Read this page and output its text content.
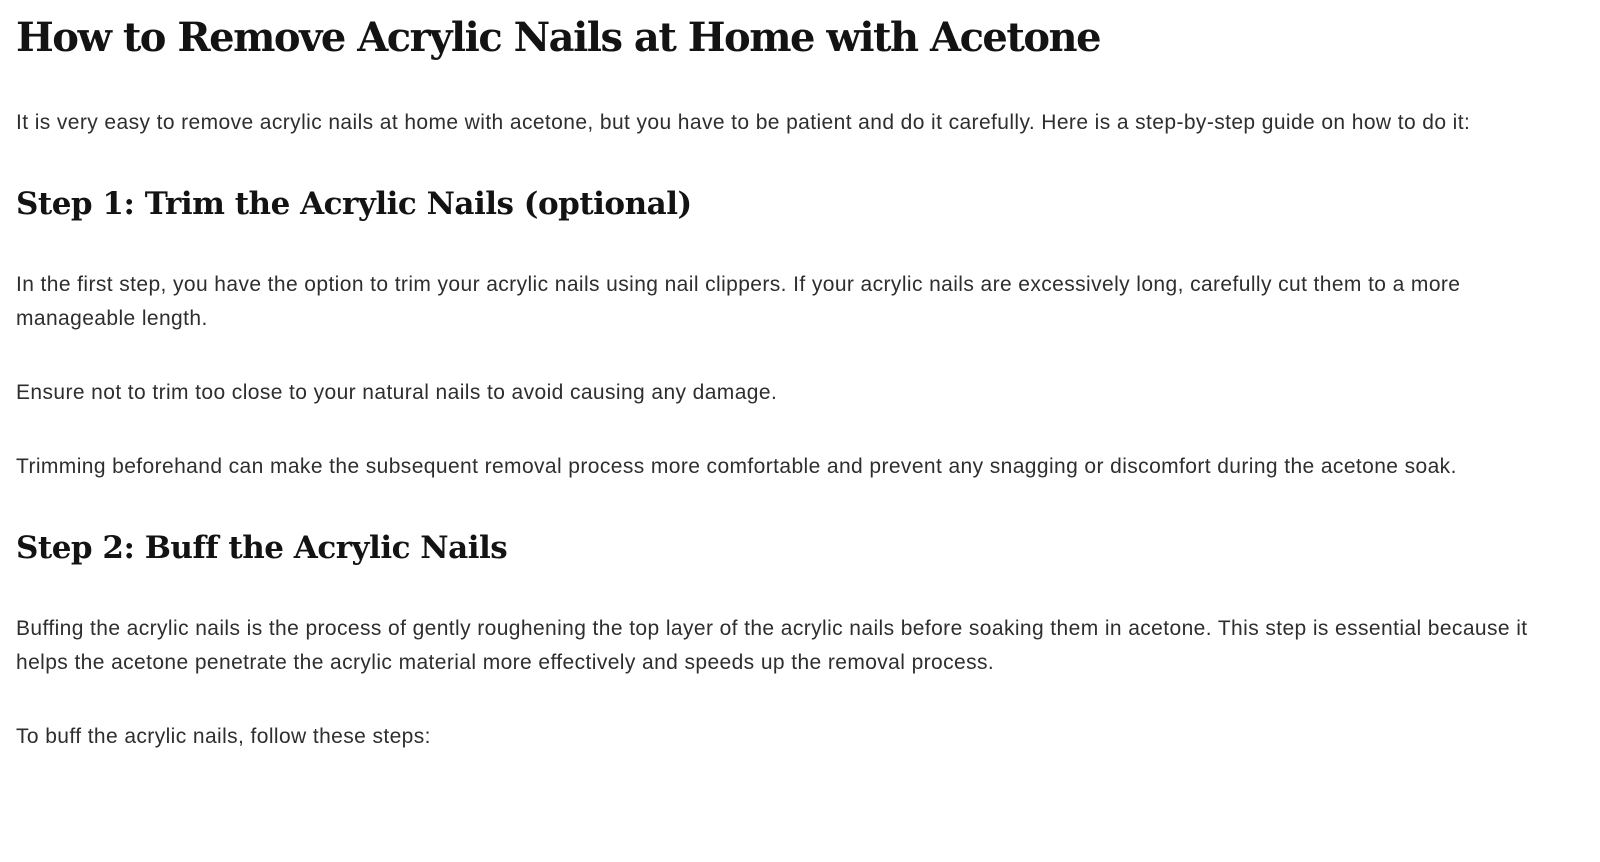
How to Remove Acrylic Nails at Home with Acetone

It is very easy to remove acrylic nails at home with acetone, but you have to be patient and do it carefully. Here is a step-by-step guide on how to do it:

Step 1: Trim the Acrylic Nails (optional)

In the first step, you have the option to trim your acrylic nails using nail clippers. If your acrylic nails are excessively long, carefully cut them to a more manageable length.

Ensure not to trim too close to your natural nails to avoid causing any damage.

Trimming beforehand can make the subsequent removal process more comfortable and prevent any snagging or discomfort during the acetone soak.

Step 2: Buff the Acrylic Nails

Buffing the acrylic nails is the process of gently roughening the top layer of the acrylic nails before soaking them in acetone. This step is essential because it helps the acetone penetrate the acrylic material more effectively and speeds up the removal process.

To buff the acrylic nails, follow these steps:
